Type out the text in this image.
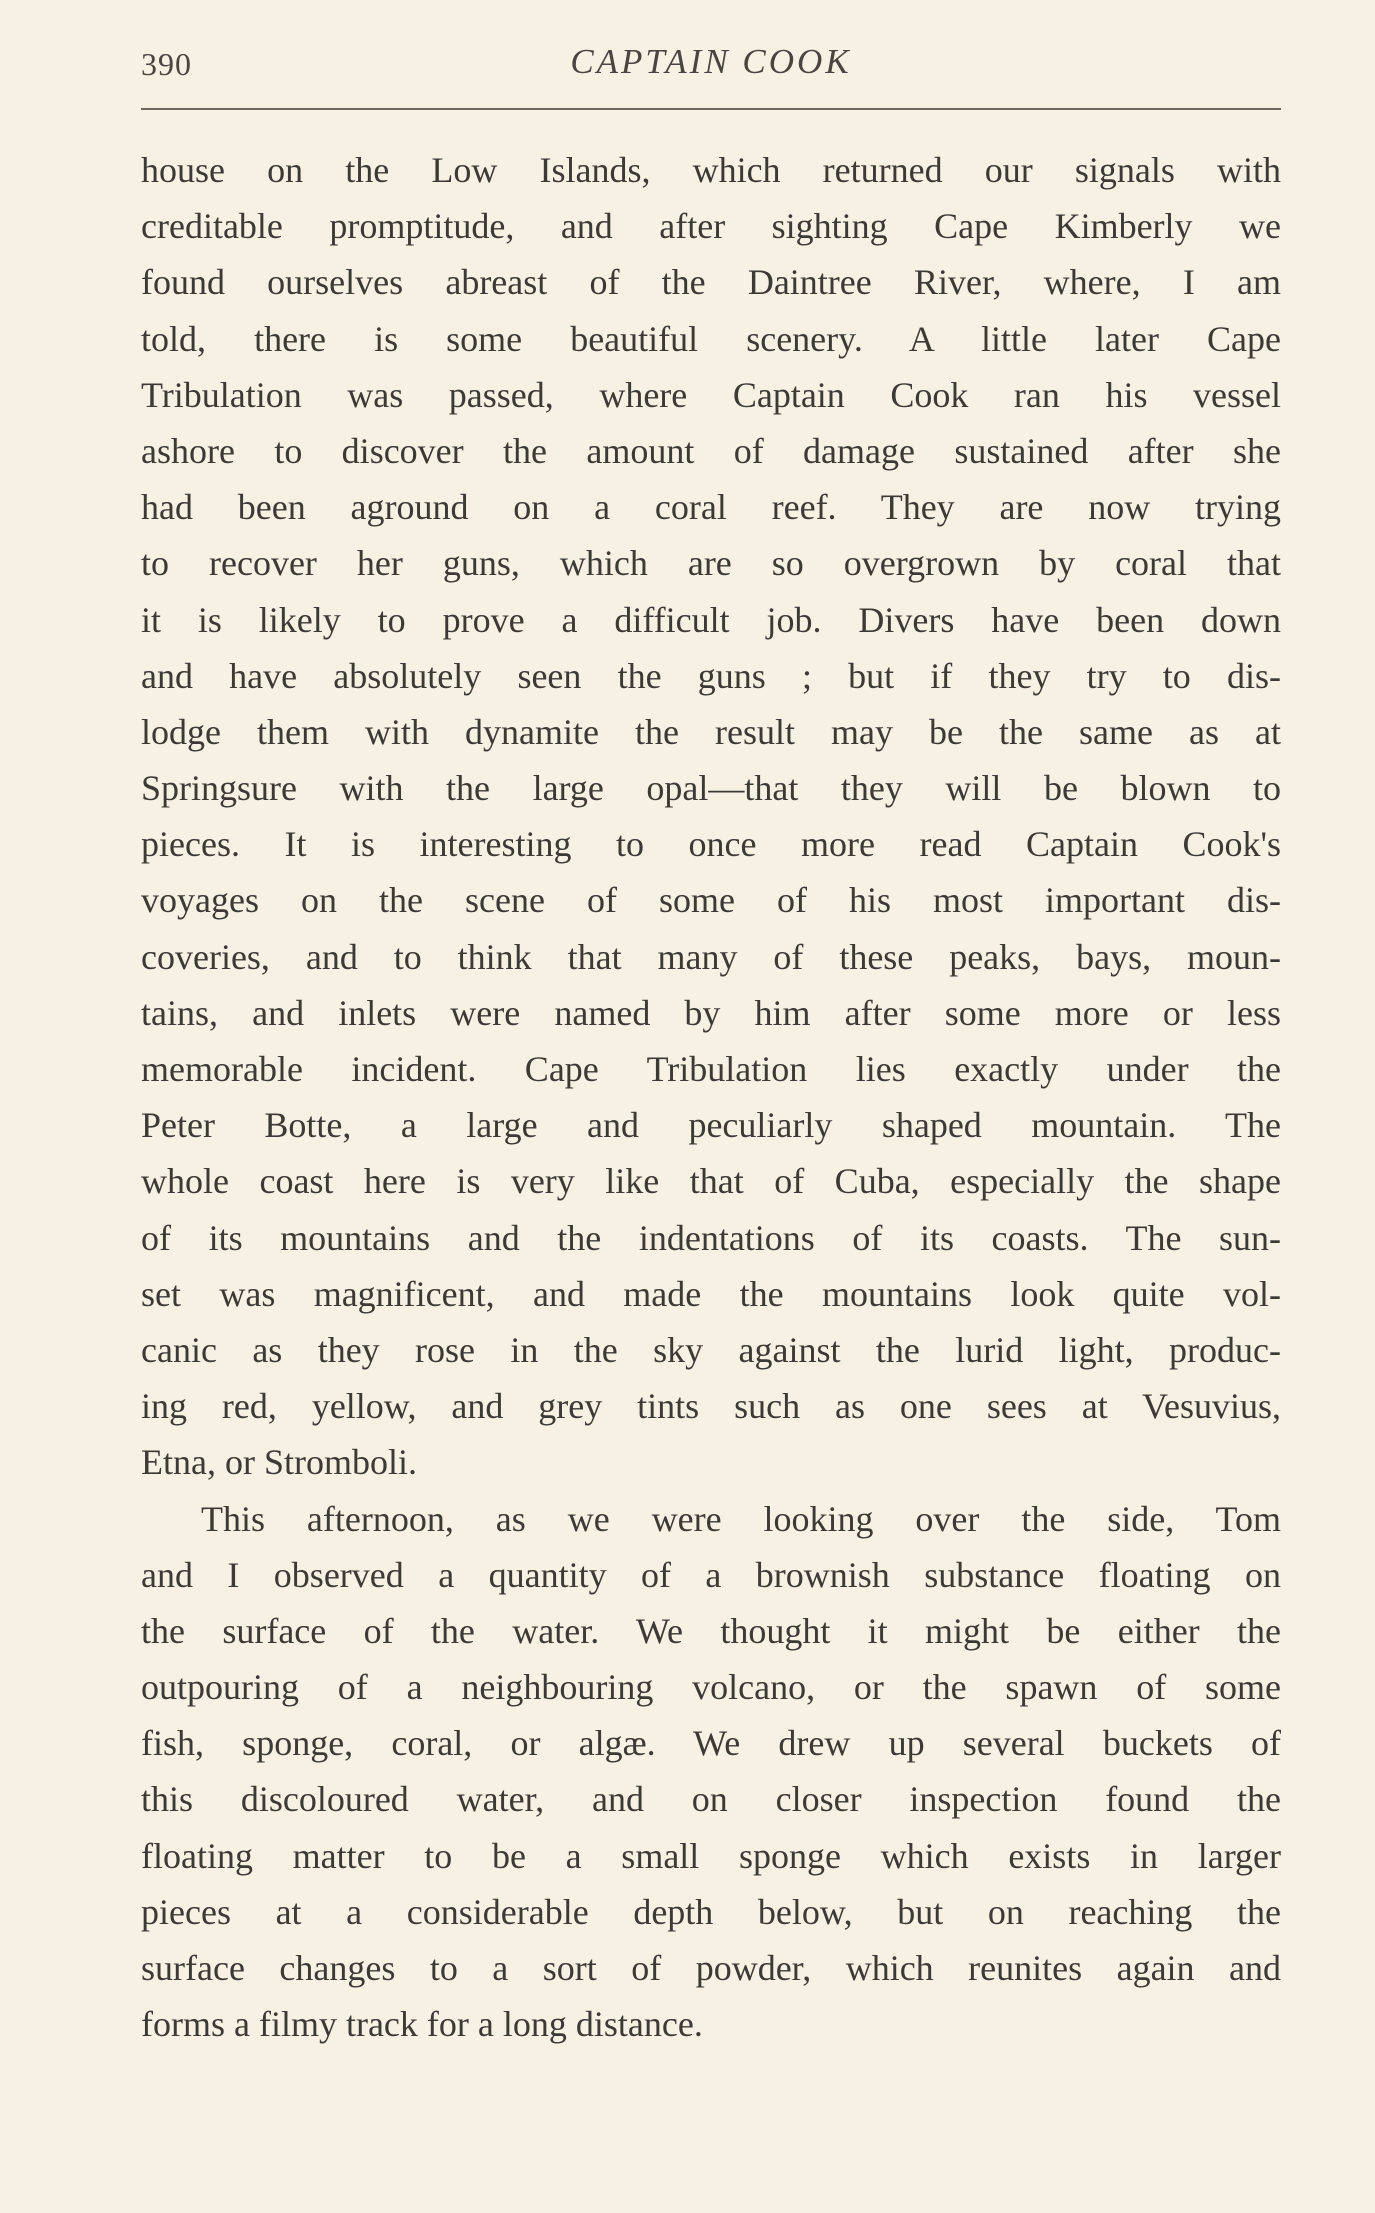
390	CAPTAIN COOK
house on the Low Islands, which returned our signals with
creditable promptitude, and after sighting Cape Kimberly we
found ourselves abreast of the Daintree River, where, I am
told, there is some beautiful scenery. A little later Cape
Tribulation was passed, where Captain Cook ran his vessel
ashore to discover the amount of damage sustained after she
had been aground on a coral reef. They are now trying
to recover her guns, which are so overgrown by coral that
it is likely to prove a difficult job. Divers have been down
and have absolutely seen the guns ; but if they try to dis-
lodge them with dynamite the result may be the same as at
Springsure with the large opal—that they will be blown to
pieces. It is interesting to once more read Captain Cook's
voyages on the scene of some of his most important dis-
coveries, and to think that many of these peaks, bays, moun-
tains, and inlets were named by him after some more or less
memorable incident. Cape Tribulation lies exactly under the
Peter Botte, a large and peculiarly shaped mountain. The
whole coast here is very like that of Cuba, especially the shape
of its mountains and the indentations of its coasts. The sun-
set was magnificent, and made the mountains look quite vol-
canic as they rose in the sky against the lurid light, produc-
ing red, yellow, and grey tints such as one sees at Vesuvius,
Etna, or Stromboli.
This afternoon, as we were looking over the side, Tom
and I observed a quantity of a brownish substance floating on
the surface of the water. We thought it might be either the
outpouring of a neighbouring volcano, or the spawn of some
fish, sponge, coral, or algæ. We drew up several buckets of
this discoloured water, and on closer inspection found the
floating matter to be a small sponge which exists in larger
pieces at a considerable depth below, but on reaching the
surface changes to a sort of powder, which reunites again and
forms a filmy track for a long distance.
